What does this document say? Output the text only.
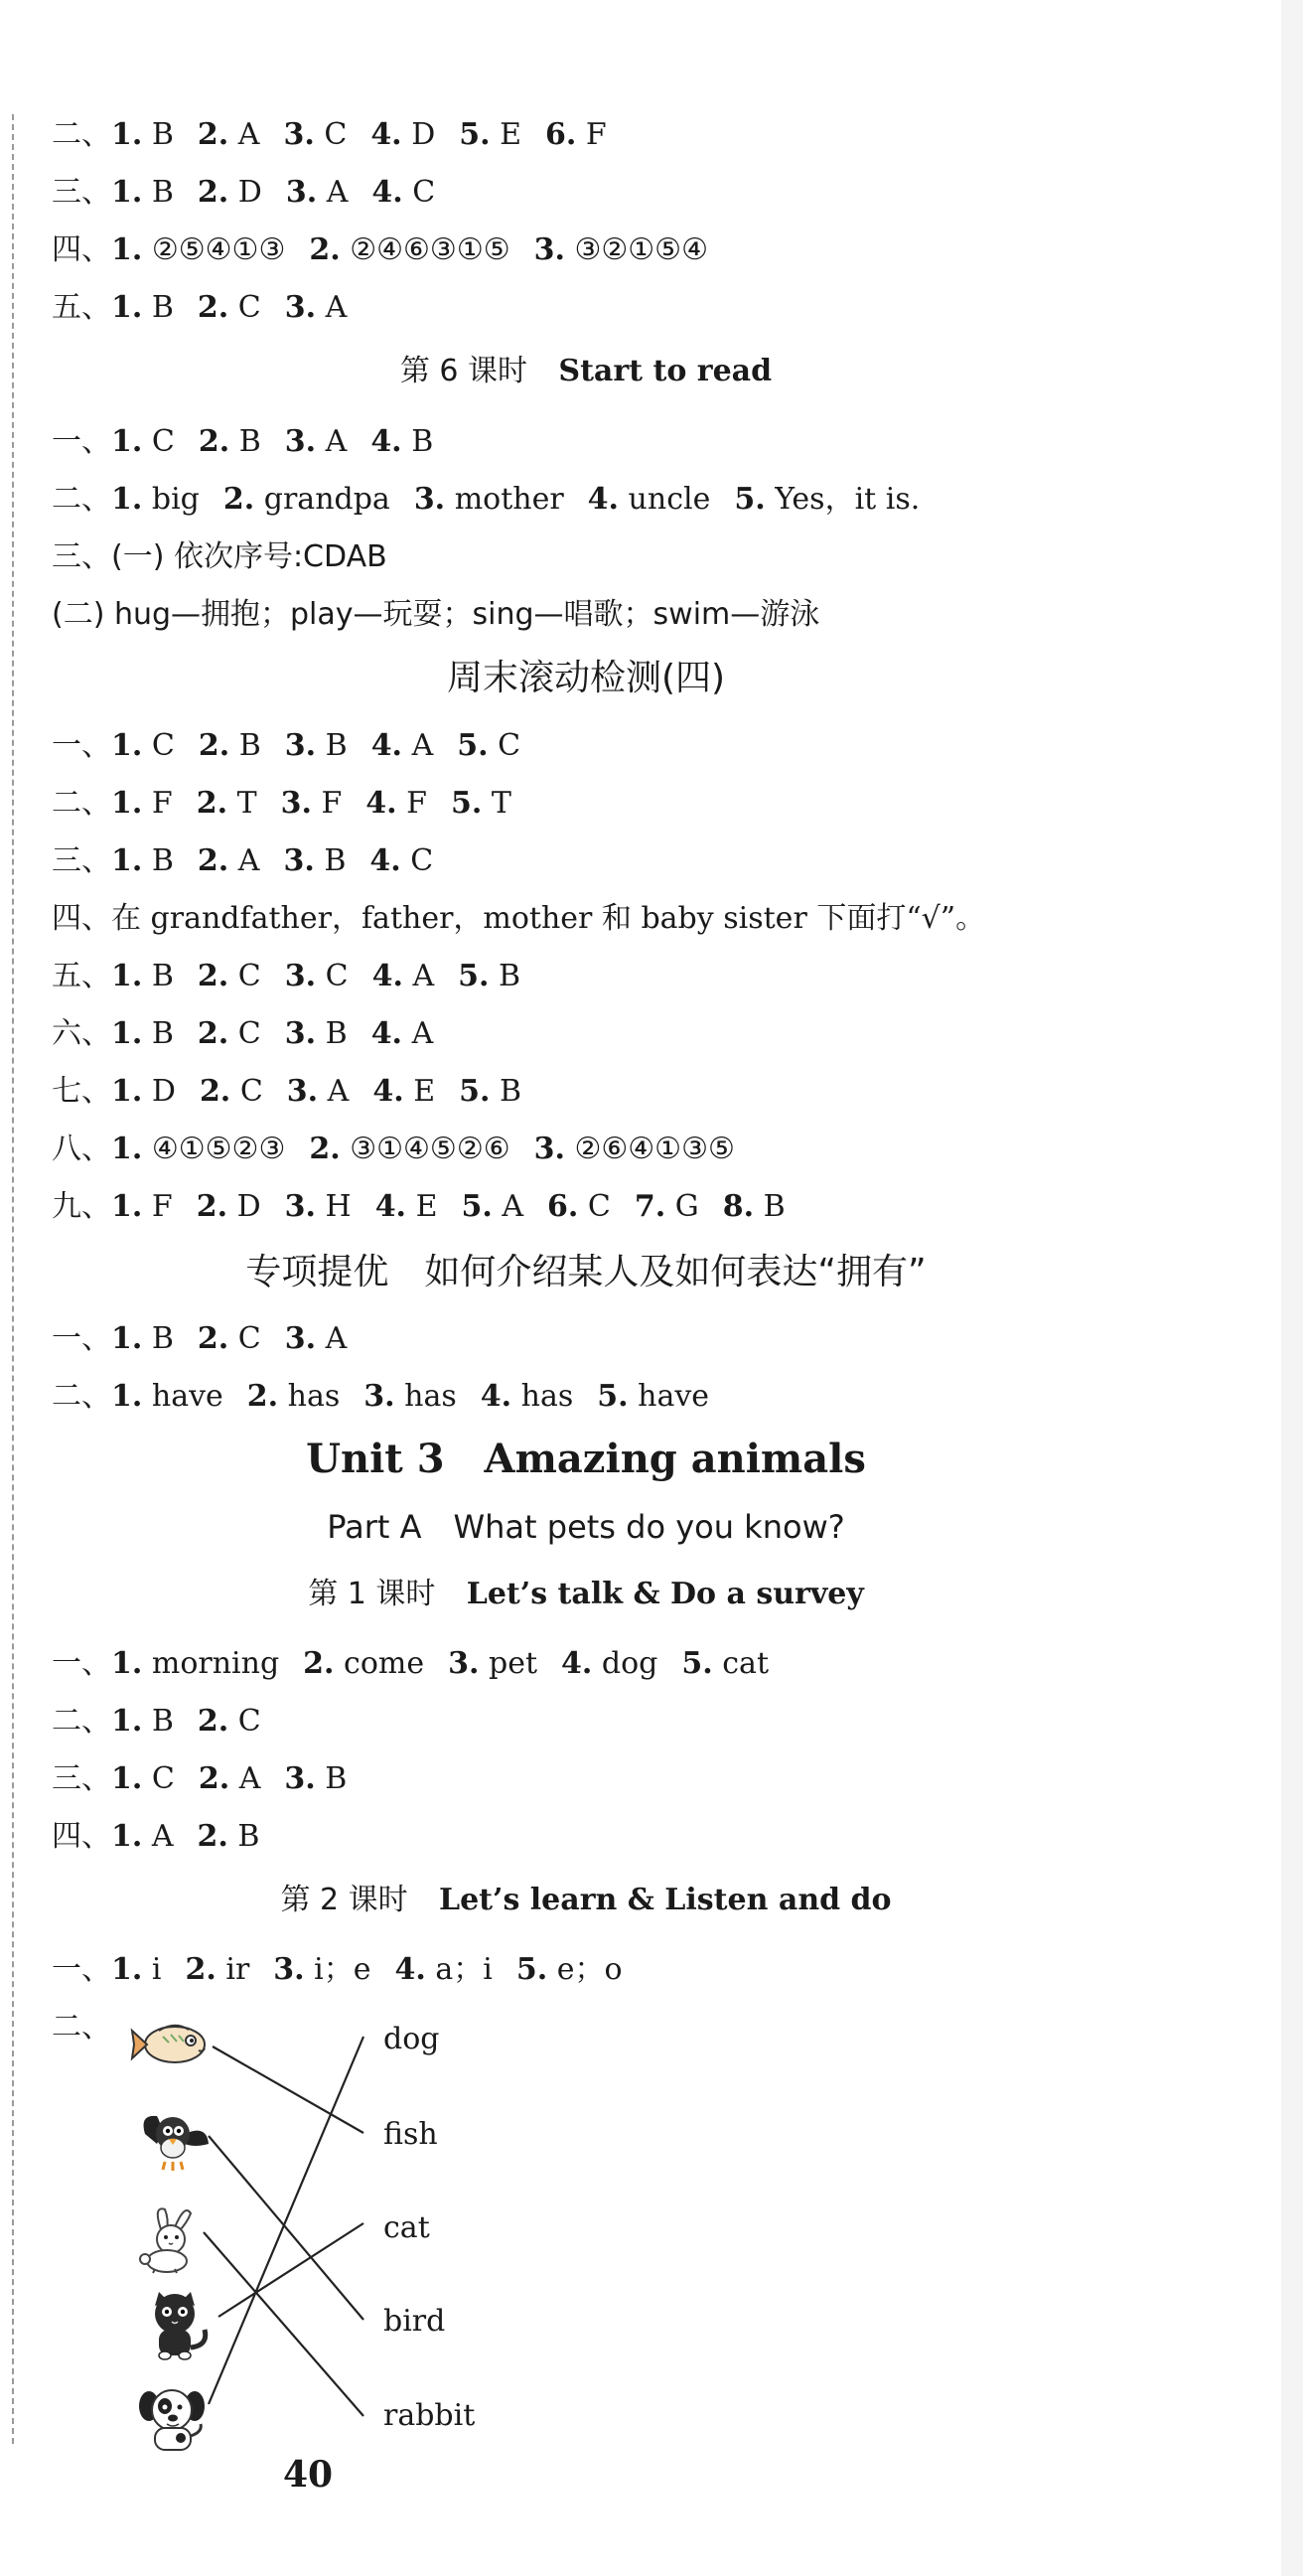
二、1. B 2. A 3. C 4. D 5. E 6. F
三、1. B 2. D 3. A 4. C
四、1. ②⑤④①③ 2. ②④⑥③①⑤ 3. ③②①⑤④
五、1. B 2. C 3. A
第 6 课时 Start to read
一、1. C 2. B 3. A 4. B
二、1. big 2. grandpa 3. mother 4. uncle 5. Yes，it is.
三、(一) 依次序号:CDAB
(二) hug—拥抱；play—玩耍；sing—唱歌；swim—游泳
周末滚动检测(四)
一、1. C 2. B 3. B 4. A 5. C
二、1. F 2. T 3. F 4. F 5. T
三、1. B 2. A 3. B 4. C
四、在 grandfather，father，mother 和 baby sister 下面打“√”。
五、1. B 2. C 3. C 4. A 5. B
六、1. B 2. C 3. B 4. A
七、1. D 2. C 3. A 4. E 5. B
八、1. ④①⑤②③ 2. ③①④⑤②⑥ 3. ②⑥④①③⑤
九、1. F 2. D 3. H 4. E 5. A 6. C 7. G 8. B
专项提优　如何介绍某人及如何表达“拥有”
一、1. B 2. C 3. A
二、1. have 2. has 3. has 4. has 5. have
Unit 3　Amazing animals
Part A　What pets do you know?
第 1 课时 Let’s talk & Do a survey
一、1. morning 2. come 3. pet 4. dog 5. cat
二、1. B 2. C
三、1. C 2. A 3. B
四、1. A 2. B
第 2 课时 Let’s learn & Listen and do
一、1. i 2. ir 3. i；e 4. a；i 5. e；o
二、	dog
fish
cat
bird
rabbit
40
